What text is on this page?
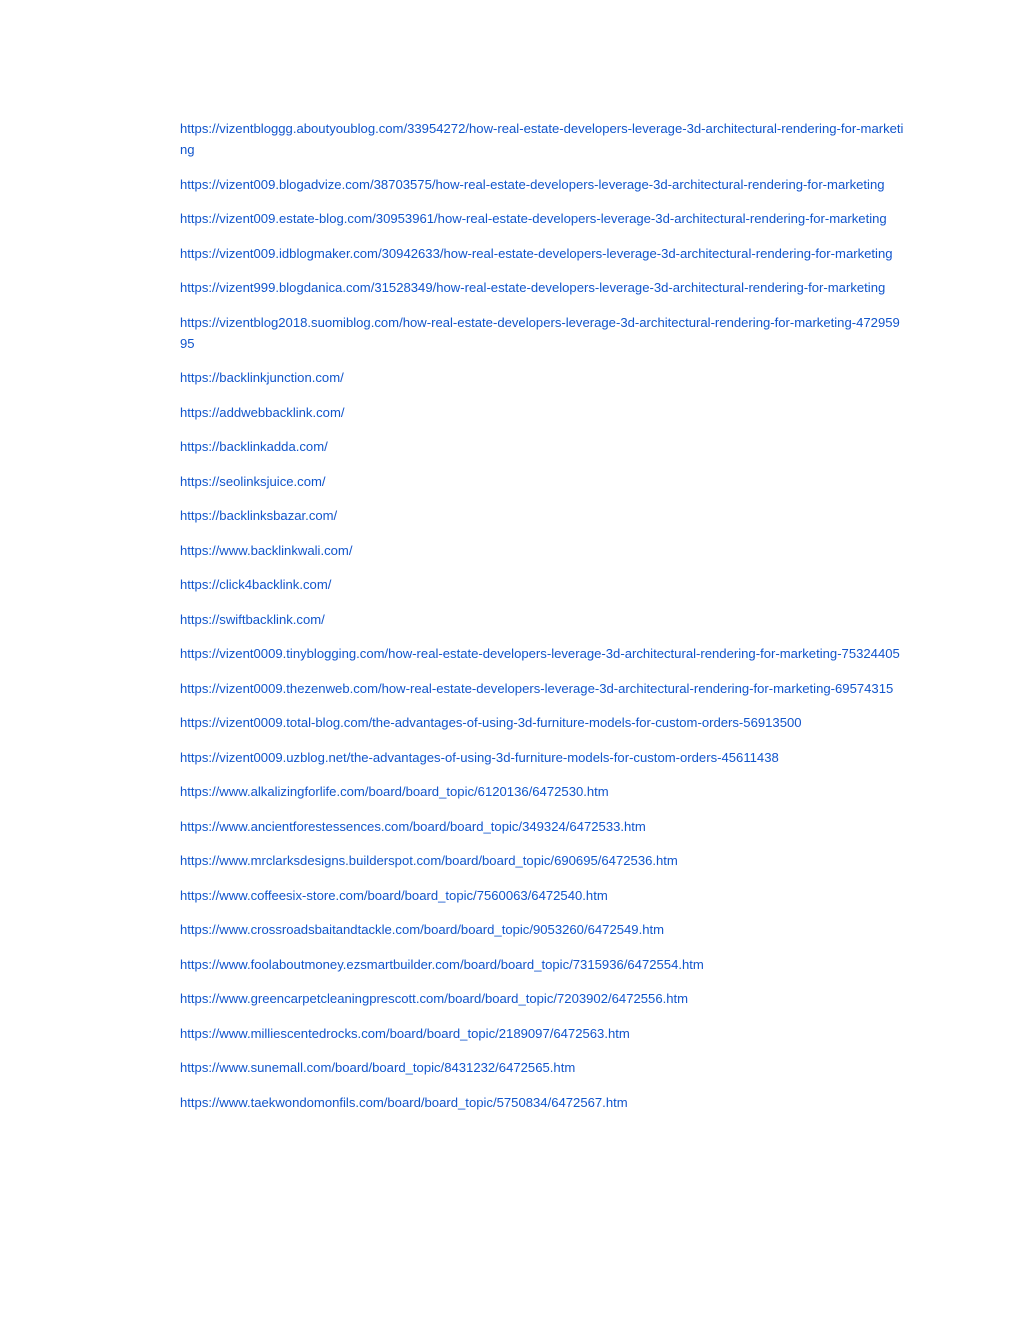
https://vizentbloggg.aboutyoublog.com/33954272/how-real-estate-developers-leverage-3d-architectural-rendering-for-marketing
https://vizent009.blogadvize.com/38703575/how-real-estate-developers-leverage-3d-architectural-rendering-for-marketing
https://vizent009.estate-blog.com/30953961/how-real-estate-developers-leverage-3d-architectural-rendering-for-marketing
https://vizent009.idblogmaker.com/30942633/how-real-estate-developers-leverage-3d-architectural-rendering-for-marketing
https://vizent999.blogdanica.com/31528349/how-real-estate-developers-leverage-3d-architectural-rendering-for-marketing
https://vizentblog2018.suomiblog.com/how-real-estate-developers-leverage-3d-architectural-rendering-for-marketing-47295995
https://backlinkjunction.com/
https://addwebbacklink.com/
https://backlinkadda.com/
https://seolinksjuice.com/
https://backlinksbazar.com/
https://www.backlinkwali.com/
https://click4backlink.com/
https://swiftbacklink.com/
https://vizent0009.tinyblogging.com/how-real-estate-developers-leverage-3d-architectural-rendering-for-marketing-75324405
https://vizent0009.thezenweb.com/how-real-estate-developers-leverage-3d-architectural-rendering-for-marketing-69574315
https://vizent0009.total-blog.com/the-advantages-of-using-3d-furniture-models-for-custom-orders-56913500
https://vizent0009.uzblog.net/the-advantages-of-using-3d-furniture-models-for-custom-orders-45611438
https://www.alkalizingforlife.com/board/board_topic/6120136/6472530.htm
https://www.ancientforestessences.com/board/board_topic/349324/6472533.htm
https://www.mrclarksdesigns.builderspot.com/board/board_topic/690695/6472536.htm
https://www.coffeesix-store.com/board/board_topic/7560063/6472540.htm
https://www.crossroadsbaitandtackle.com/board/board_topic/9053260/6472549.htm
https://www.foolaboutmoney.ezsmartbuilder.com/board/board_topic/7315936/6472554.htm
https://www.greencarpetcleaningprescott.com/board/board_topic/7203902/6472556.htm
https://www.milliescentedrocks.com/board/board_topic/2189097/6472563.htm
https://www.sunemall.com/board/board_topic/8431232/6472565.htm
https://www.taekwondomonfils.com/board/board_topic/5750834/6472567.htm
